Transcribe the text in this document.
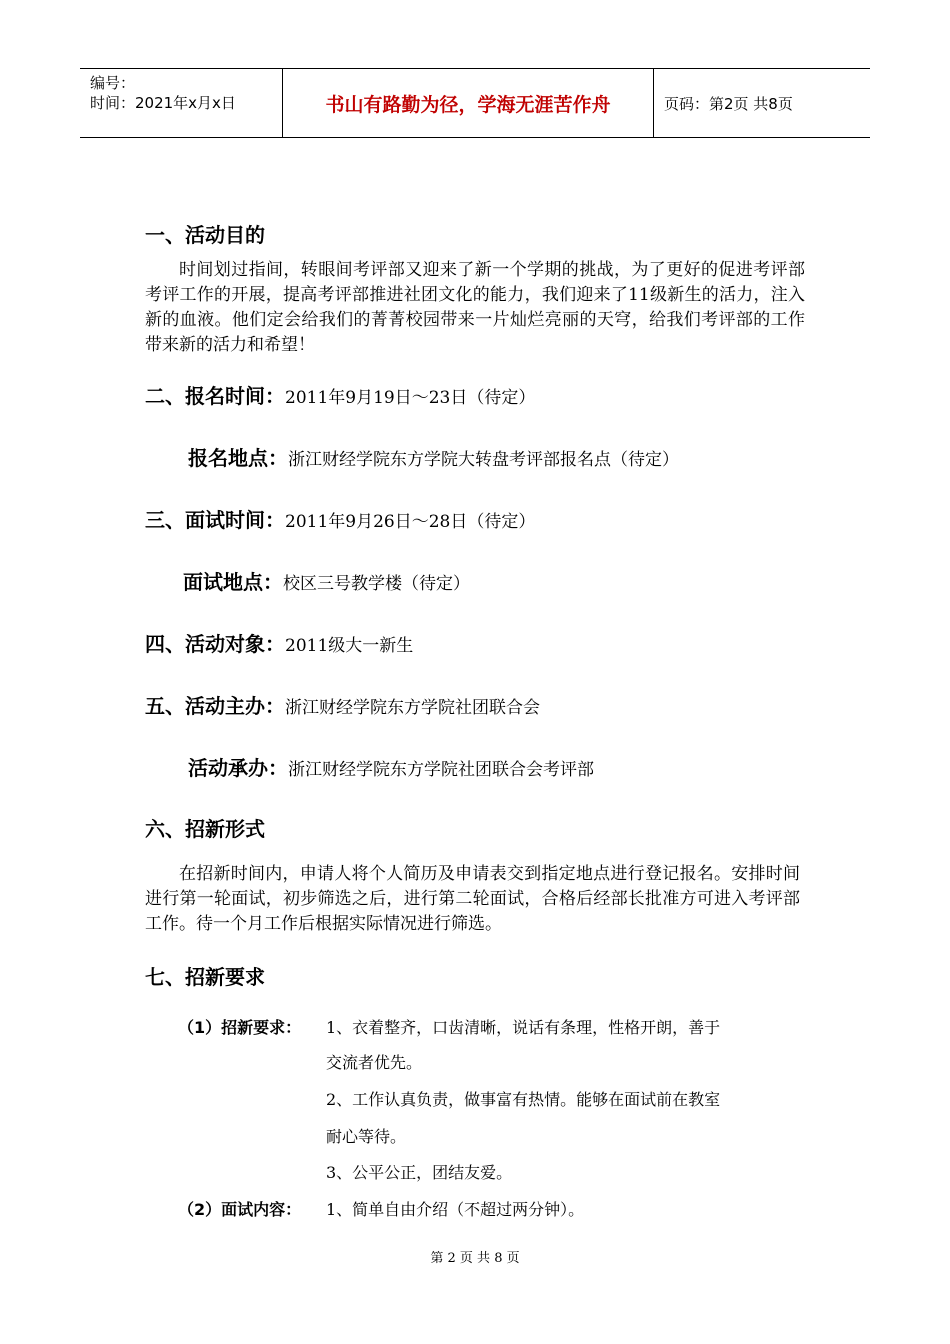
编号：
时间：2021年x月x日	书山有路勤为径，学海无涯苦作舟	页码：第2页 共8页
一、活动目的
时间划过指间，转眼间考评部又迎来了新一个学期的挑战，为了更好的促进考评部考评工作的开展，提高考评部推进社团文化的能力，我们迎来了11级新生的活力，注入新的血液。他们定会给我们的菁菁校园带来一片灿烂亮丽的天穹，给我们考评部的工作带来新的活力和希望！
二、报名时间：2011年9月19日～23日（待定）
报名地点：浙江财经学院东方学院大转盘考评部报名点（待定）
三、面试时间：2011年9月26日～28日（待定）
面试地点：校区三号教学楼（待定）
四、活动对象：2011级大一新生
五、活动主办：浙江财经学院东方学院社团联合会
活动承办：浙江财经学院东方学院社团联合会考评部
六、招新形式
在招新时间内，申请人将个人简历及申请表交到指定地点进行登记报名。安排时间进行第一轮面试，初步筛选之后，进行第二轮面试，合格后经部长批准方可进入考评部工作。待一个月工作后根据实际情况进行筛选。
七、招新要求
（1）招新要求： 1、衣着整齐，口齿清晰，说话有条理，性格开朗，善于
交流者优先。
2、工作认真负责，做事富有热情。能够在面试前在教室
耐心等待。
3、公平公正，团结友爱。
（2）面试内容： 1、简单自由介绍（不超过两分钟）。
第 2 页 共 8 页
